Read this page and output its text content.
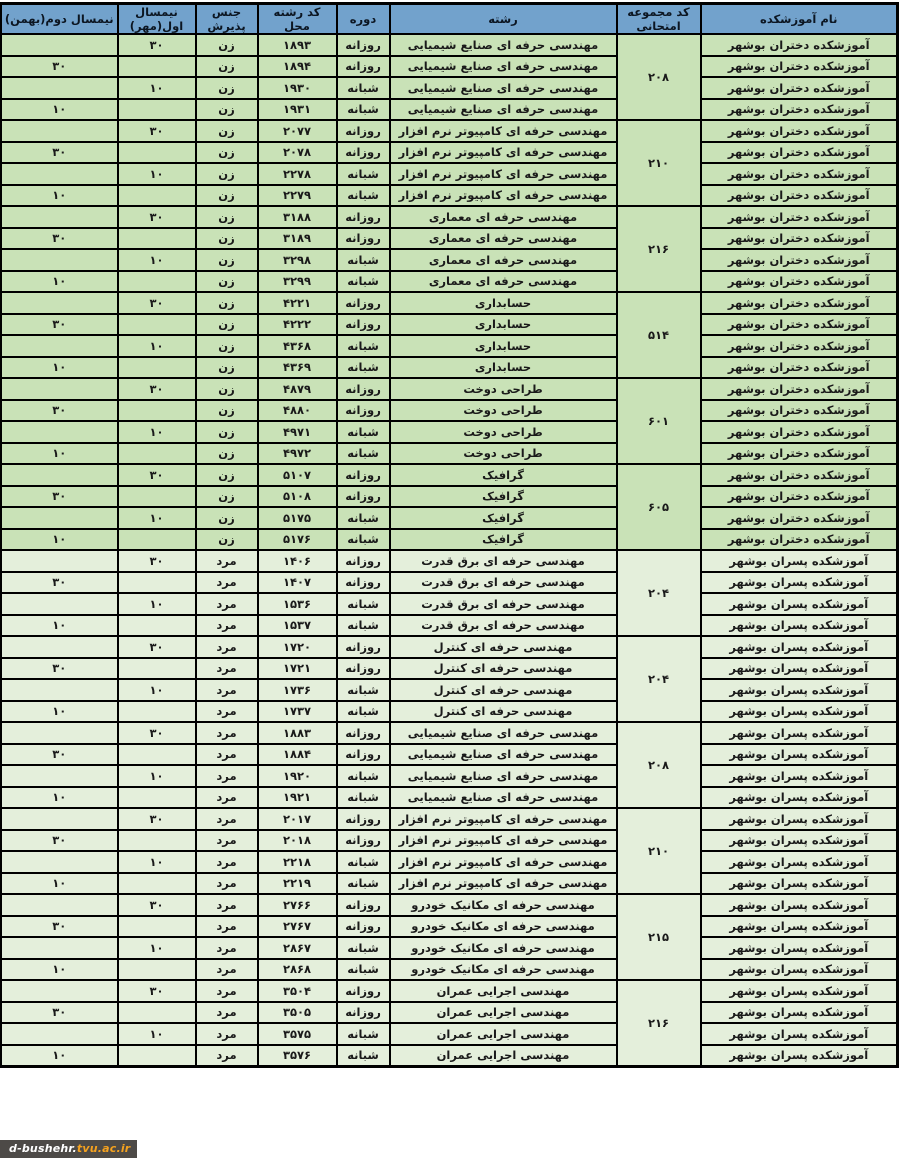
نام آموزشکده	کد مجموعه امتحانی	رشته	دوره	کد رشته محل	جنس پذیرش	نیمسال اول(مهر)	نیمسال دوم(بهمن)
آموزشکده دختران بوشهر	۲۰۸	مهندسی حرفه ای صنایع شیمیایی	روزانه	۱۸۹۳	زن	۳۰	
آموزشکده دختران بوشهر		مهندسی حرفه ای صنایع شیمیایی	روزانه	۱۸۹۴	زن		۳۰
آموزشکده دختران بوشهر		مهندسی حرفه ای صنایع شیمیایی	شبانه	۱۹۳۰	زن	۱۰	
آموزشکده دختران بوشهر		مهندسی حرفه ای صنایع شیمیایی	شبانه	۱۹۳۱	زن		۱۰
آموزشکده دختران بوشهر	۲۱۰	مهندسی حرفه ای کامپیوتر نرم افزار	روزانه	۲۰۷۷	زن	۳۰	
آموزشکده دختران بوشهر		مهندسی حرفه ای کامپیوتر نرم افزار	روزانه	۲۰۷۸	زن		۳۰
آموزشکده دختران بوشهر		مهندسی حرفه ای کامپیوتر نرم افزار	شبانه	۲۲۷۸	زن	۱۰	
آموزشکده دختران بوشهر		مهندسی حرفه ای کامپیوتر نرم افزار	شبانه	۲۲۷۹	زن		۱۰
آموزشکده دختران بوشهر	۲۱۶	مهندسی حرفه ای معماری	روزانه	۳۱۸۸	زن	۳۰	
آموزشکده دختران بوشهر		مهندسی حرفه ای معماری	روزانه	۳۱۸۹	زن		۳۰
آموزشکده دختران بوشهر		مهندسی حرفه ای معماری	شبانه	۳۲۹۸	زن	۱۰	
آموزشکده دختران بوشهر		مهندسی حرفه ای معماری	شبانه	۳۲۹۹	زن		۱۰
آموزشکده دختران بوشهر	۵۱۴	حسابداری	روزانه	۴۲۲۱	زن	۳۰	
آموزشکده دختران بوشهر		حسابداری	روزانه	۴۲۲۲	زن		۳۰
آموزشکده دختران بوشهر		حسابداری	شبانه	۴۳۶۸	زن	۱۰	
آموزشکده دختران بوشهر		حسابداری	شبانه	۴۳۶۹	زن		۱۰
آموزشکده دختران بوشهر	۶۰۱	طراحی دوخت	روزانه	۴۸۷۹	زن	۳۰	
آموزشکده دختران بوشهر		طراحی دوخت	روزانه	۴۸۸۰	زن		۳۰
آموزشکده دختران بوشهر		طراحی دوخت	شبانه	۴۹۷۱	زن	۱۰	
آموزشکده دختران بوشهر		طراحی دوخت	شبانه	۴۹۷۲	زن		۱۰
آموزشکده دختران بوشهر	۶۰۵	گرافیک	روزانه	۵۱۰۷	زن	۳۰	
آموزشکده دختران بوشهر		گرافیک	روزانه	۵۱۰۸	زن		۳۰
آموزشکده دختران بوشهر		گرافیک	شبانه	۵۱۷۵	زن	۱۰	
آموزشکده دختران بوشهر		گرافیک	شبانه	۵۱۷۶	زن		۱۰
آموزشکده پسران بوشهر	۲۰۴	مهندسی حرفه ای برق قدرت	روزانه	۱۴۰۶	مرد	۳۰	
آموزشکده پسران بوشهر		مهندسی حرفه ای برق قدرت	روزانه	۱۴۰۷	مرد		۳۰
آموزشکده پسران بوشهر		مهندسی حرفه ای برق قدرت	شبانه	۱۵۳۶	مرد	۱۰	
آموزشکده پسران بوشهر		مهندسی حرفه ای برق قدرت	شبانه	۱۵۳۷	مرد		۱۰
آموزشکده پسران بوشهر	۲۰۴	مهندسی حرفه ای کنترل	روزانه	۱۷۲۰	مرد	۳۰	
آموزشکده پسران بوشهر		مهندسی حرفه ای کنترل	روزانه	۱۷۲۱	مرد		۳۰
آموزشکده پسران بوشهر		مهندسی حرفه ای کنترل	شبانه	۱۷۳۶	مرد	۱۰	
آموزشکده پسران بوشهر		مهندسی حرفه ای کنترل	شبانه	۱۷۳۷	مرد		۱۰
آموزشکده پسران بوشهر	۲۰۸	مهندسی حرفه ای صنایع شیمیایی	روزانه	۱۸۸۳	مرد	۳۰	
آموزشکده پسران بوشهر		مهندسی حرفه ای صنایع شیمیایی	روزانه	۱۸۸۴	مرد		۳۰
آموزشکده پسران بوشهر		مهندسی حرفه ای صنایع شیمیایی	شبانه	۱۹۲۰	مرد	۱۰	
آموزشکده پسران بوشهر		مهندسی حرفه ای صنایع شیمیایی	شبانه	۱۹۲۱	مرد		۱۰
آموزشکده پسران بوشهر	۲۱۰	مهندسی حرفه ای کامپیوتر نرم افزار	روزانه	۲۰۱۷	مرد	۳۰	
آموزشکده پسران بوشهر		مهندسی حرفه ای کامپیوتر نرم افزار	روزانه	۲۰۱۸	مرد		۳۰
آموزشکده پسران بوشهر		مهندسی حرفه ای کامپیوتر نرم افزار	شبانه	۲۲۱۸	مرد	۱۰	
آموزشکده پسران بوشهر		مهندسی حرفه ای کامپیوتر نرم افزار	شبانه	۲۲۱۹	مرد		۱۰
آموزشکده پسران بوشهر	۲۱۵	مهندسی حرفه ای مکانیک خودرو	روزانه	۲۷۶۶	مرد	۳۰	
آموزشکده پسران بوشهر		مهندسی حرفه ای مکانیک خودرو	روزانه	۲۷۶۷	مرد		۳۰
آموزشکده پسران بوشهر		مهندسی حرفه ای مکانیک خودرو	شبانه	۲۸۶۷	مرد	۱۰	
آموزشکده پسران بوشهر		مهندسی حرفه ای مکانیک خودرو	شبانه	۲۸۶۸	مرد		۱۰
آموزشکده پسران بوشهر	۲۱۶	مهندسی اجرایی عمران	روزانه	۳۵۰۴	مرد	۳۰	
آموزشکده پسران بوشهر		مهندسی اجرایی عمران	روزانه	۳۵۰۵	مرد		۳۰
آموزشکده پسران بوشهر		مهندسی اجرایی عمران	شبانه	۳۵۷۵	مرد	۱۰	
آموزشکده پسران بوشهر		مهندسی اجرایی عمران	شبانه	۳۵۷۶	مرد		۱۰
d-bushehr.tvu.ac.ir
